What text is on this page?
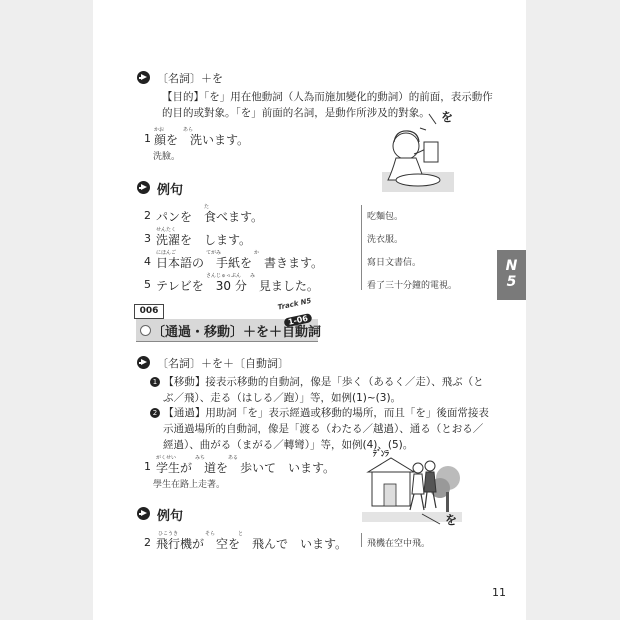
〔名詞〕＋を
【目的】「を」用在他動詞（人為而施加變化的動詞）的前面，表示動作
的目的或對象。「を」前面的名詞，是動作所涉及的對象。
かお	あら
1 顔を　洗います。
洗臉。
を
例句
た
2 パンを　食べます。	吃麵包。
せんたく
3 洗濯を　します。	洗衣服。
にほんご	てがみ	か
4 日本語の　手紙を　書きます。	寫日文書信。
さんじゅっぷん み
5 テレビを　30 分　見ました。	看了三十分鐘的電視。
N
5
006	Track N5
1-06
〔通過・移動〕＋を＋自動詞
〔名詞〕＋を＋〔自動詞〕
1 【移動】接表示移動的自動詞，像是「歩く（あるく／走）、飛ぶ（と
ぶ／飛）、走る（はしる／跑）」等，如例(1)~(3)。
2 【通過】用助詞「を」表示經過或移動的場所，而且「を」後面常接表
示通過場所的自動詞，像是「渡る（わたる／越過）、通る（とおる／
經過）、曲がる（まがる／轉彎）」等，如例(4)、(5)。
がくせい	みち	ある
1 学生が　道を　歩いて　います。
學生在路上走著。
ﾃﾞﾝﾗ
を
例句
ひこうき	そら	と
2 飛行機が　空を　飛んで　います。 飛機在空中飛。
11
